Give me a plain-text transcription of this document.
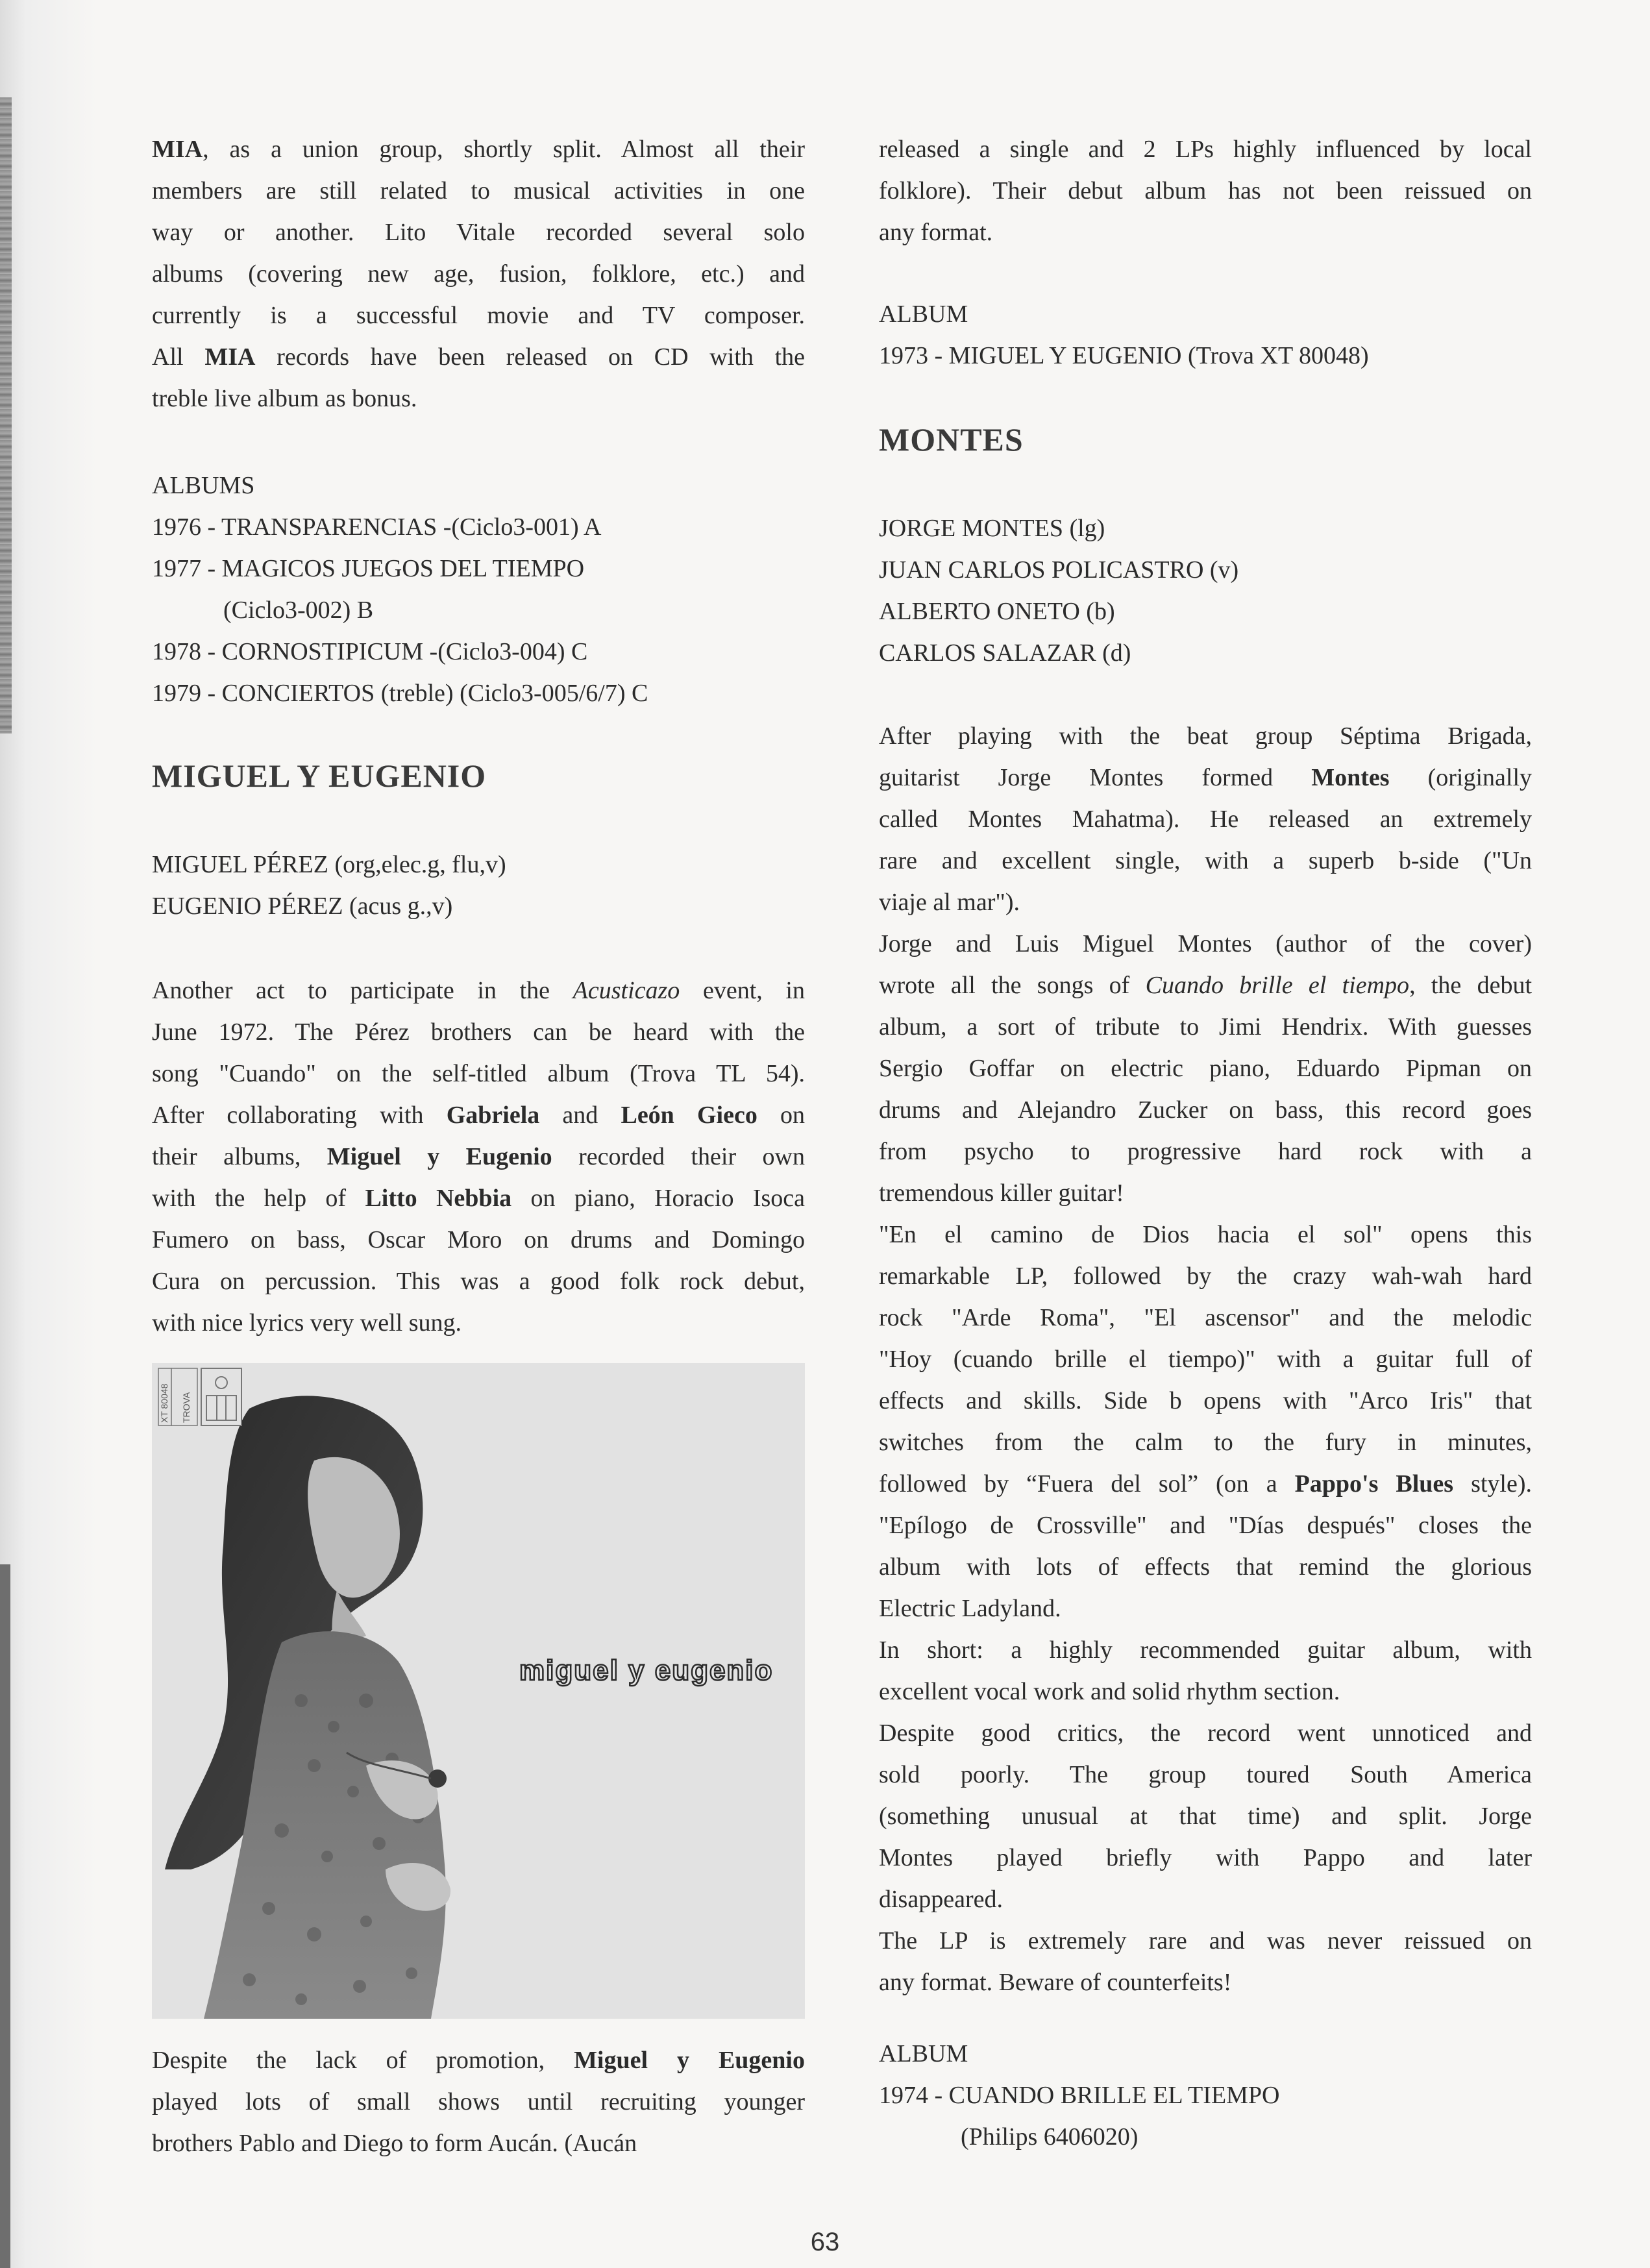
MIA, as a union group, shortly split. Almost all their

members are still related to musical activities in one

way or another. Lito Vitale recorded several solo

albums (covering new age, fusion, folklore, etc.) and

currently is a successful movie and TV composer.

All MIA records have been released on CD with the

treble live album as bonus.

ALBUMS
1976 - TRANSPARENCIAS -(Ciclo3-001) A
1977 - MAGICOS JUEGOS DEL TIEMPO
(Ciclo3-002) B
1978 - CORNOSTIPICUM -(Ciclo3-004) C
1979 - CONCIERTOS (treble) (Ciclo3-005/6/7) C
MIGUEL Y EUGENIO
MIGUEL PÉREZ (org,elec.g, flu,v)
EUGENIO PÉREZ (acus g.,v)

Another act to participate in the Acusticazo event, in

June 1972. The Pérez brothers can be heard with the

song "Cuando" on the self-titled album (Trova TL 54).

After collaborating with Gabriela and León Gieco on

their albums, Miguel y Eugenio recorded their own

with the help of Litto Nebbia on piano, Horacio Isoca

Fumero on bass, Oscar Moro on drums and Domingo

Cura on percussion. This was a good folk rock debut,

with nice lyrics very well sung.

Despite the lack of promotion, Miguel y Eugenio

played lots of small shows until recruiting younger

brothers Pablo and Diego to form Aucán. (Aucán

XT 80048 TROVA
miguel y eugenio

released a single and 2 LPs highly influenced by local

folklore). Their debut album has not been reissued on

any format.

ALBUM
1973 - MIGUEL Y EUGENIO (Trova XT 80048)
MONTES
JORGE MONTES (lg)
JUAN CARLOS POLICASTRO (v)
ALBERTO ONETO (b)
CARLOS SALAZAR (d)

After playing with the beat group Séptima Brigada,

guitarist Jorge Montes formed Montes (originally

called Montes Mahatma). He released an extremely

rare and excellent single, with a superb b-side ("Un

viaje al mar").

Jorge and Luis Miguel Montes (author of the cover)

wrote all the songs of Cuando brille el tiempo, the debut

album, a sort of tribute to Jimi Hendrix. With guesses

Sergio Goffar on electric piano, Eduardo Pipman on

drums and Alejandro Zucker on bass, this record goes

from psycho to progressive hard rock with a

tremendous killer guitar!

"En el camino de Dios hacia el sol" opens this

remarkable LP, followed by the crazy wah-wah hard

rock "Arde Roma", "El ascensor" and the melodic

"Hoy (cuando brille el tiempo)" with a guitar full of

effects and skills. Side b opens with "Arco Iris" that

switches from the calm to the fury in minutes,

followed by “Fuera del sol” (on a Pappo's Blues style).

"Epílogo de Crossville" and "Días después" closes the

album with lots of effects that remind the glorious

Electric Ladyland.

In short: a highly recommended guitar album, with

excellent vocal work and solid rhythm section.

Despite good critics, the record went unnoticed and

sold poorly. The group toured South America

(something unusual at that time) and split. Jorge

Montes played briefly with Pappo and later

disappeared.

The LP is extremely rare and was never reissued on

any format. Beware of counterfeits!

ALBUM
1974 - CUANDO BRILLE EL TIEMPO
(Philips 6406020)
63
